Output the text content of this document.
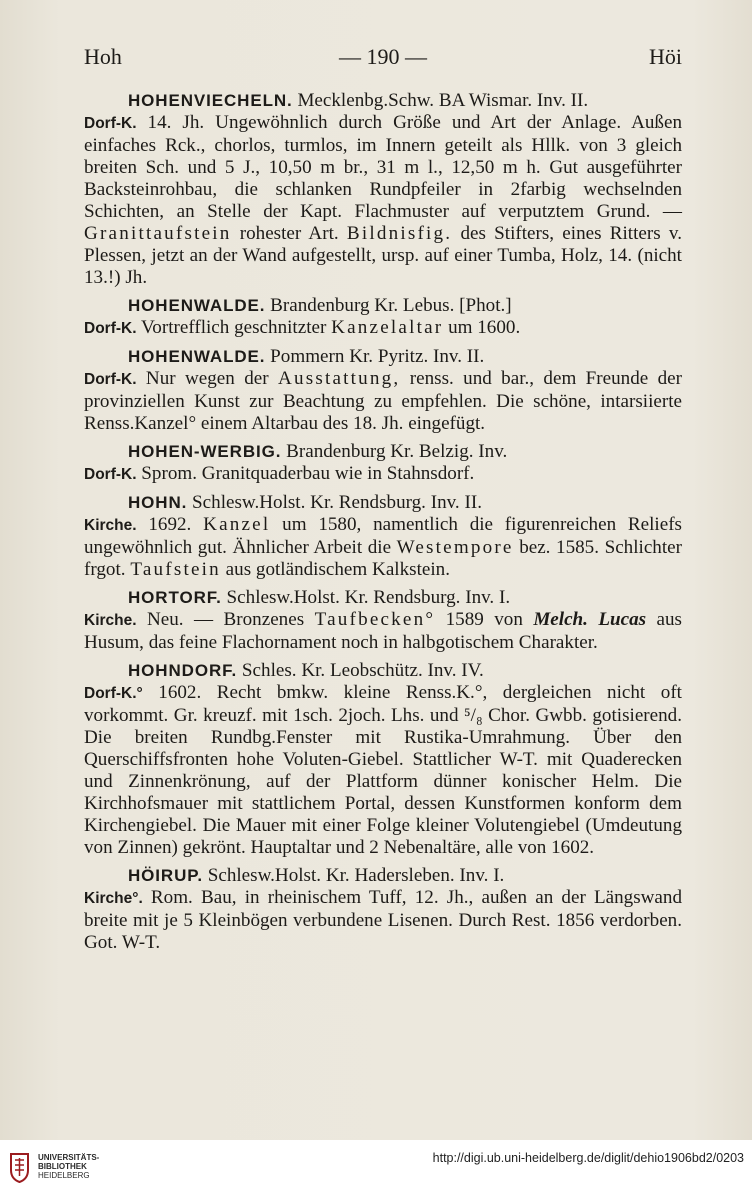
Hoh	— 190 —	Höi
HOHENVIECHELN. Mecklenbg.Schw. BA Wismar. Inv. II.
Dorf-K. 14. Jh. Ungewöhnlich durch Größe und Art der Anlage. Außen einfaches Rck., chorlos, turmlos, im Innern geteilt als Hllk. von 3 gleich breiten Sch. und 5 J., 10,50 m br., 31 m l., 12,50 m h. Gut ausgeführter Backsteinrohbau, die schlanken Rundpfeiler in 2farbig wechselnden Schichten, an Stelle der Kapt. Flachmuster auf verputztem Grund. — Granittaufstein rohester Art. Bildnisfig. des Stifters, eines Ritters v. Plessen, jetzt an der Wand aufgestellt, ursp. auf einer Tumba, Holz, 14. (nicht 13.!) Jh.
HOHENWALDE. Brandenburg Kr. Lebus. [Phot.]
Dorf-K. Vortrefflich geschnitzter Kanzelaltar um 1600.
HOHENWALDE. Pommern Kr. Pyritz. Inv. II.
Dorf-K. Nur wegen der Ausstattung, renss. und bar., dem Freunde der provinziellen Kunst zur Beachtung zu empfehlen. Die schöne, intarsiierte Renss.Kanzel° einem Altarbau des 18. Jh. eingefügt.
HOHEN-WERBIG. Brandenburg Kr. Belzig. Inv.
Dorf-K. Sprom. Granitquaderbau wie in Stahnsdorf.
HOHN. Schlesw.Holst. Kr. Rendsburg. Inv. II.
Kirche. 1692. Kanzel um 1580, namentlich die figurenreichen Reliefs ungewöhnlich gut. Ähnlicher Arbeit die Westempore bez. 1585. Schlichter frgot. Taufstein aus gotländischem Kalkstein.
HORTORF. Schlesw.Holst. Kr. Rendsburg. Inv. I.
Kirche. Neu. — Bronzenes Taufbecken° 1589 von Melch. Lucas aus Husum, das feine Flachornament noch in halbgotischem Charakter.
HOHNDORF. Schles. Kr. Leobschütz. Inv. IV.
Dorf-K.° 1602. Recht bmkw. kleine Renss.K.°, dergleichen nicht oft vorkommt. Gr. kreuzf. mit 1sch. 2joch. Lhs. und ⁵/₈ Chor. Gwbb. gotisierend. Die breiten Rundbg.Fenster mit Rustika-Umrahmung. Über den Querschiffsfronten hohe Voluten-Giebel. Stattlicher W-T. mit Quaderecken und Zinnenkrönung, auf der Plattform dünner konischer Helm. Die Kirchhofsmauer mit stattlichem Portal, dessen Kunstformen konform dem Kirchengiebel. Die Mauer mit einer Folge kleiner Volutengiebel (Umdeutung von Zinnen) gekrönt. Hauptaltar und 2 Nebenaltäre, alle von 1602.
HÖIRUP. Schlesw.Holst. Kr. Hadersleben. Inv. I.
Kirche°. Rom. Bau, in rheinischem Tuff, 12. Jh., außen an der Längswand breite mit je 5 Kleinbögen verbundene Lisenen. Durch Rest. 1856 verdorben. Got. W-T.
UNIVERSITÄTS-
BIBLIOTHEK
HEIDELBERG
http://digi.ub.uni-heidelberg.de/diglit/dehio1906bd2/0203
